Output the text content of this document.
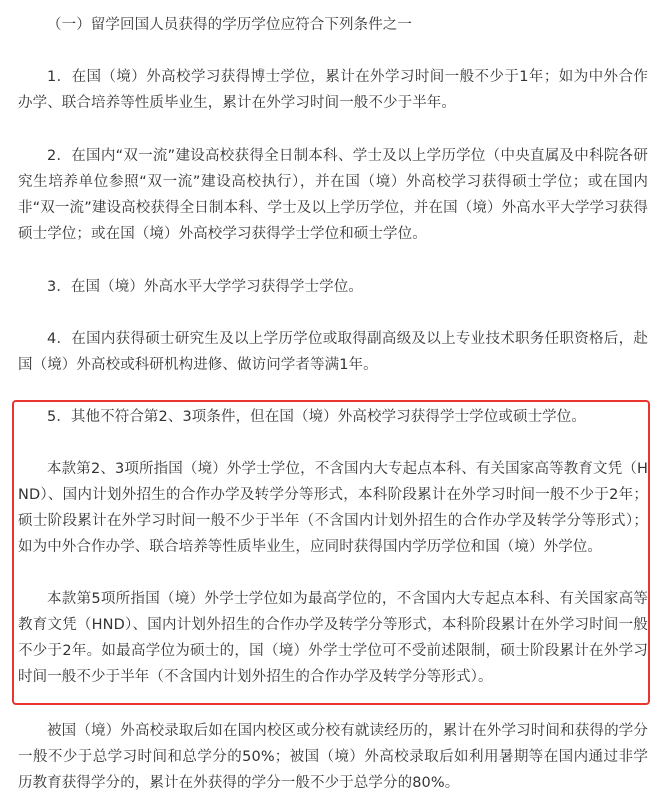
（一）留学回国人员获得的学历学位应符合下列条件之一

1．在国（境）外高校学习获得博士学位，累计在外学习时间一般不少于1年；如为中外合作办学、联合培养等性质毕业生，累计在外学习时间一般不少于半年。

2．在国内“双一流”建设高校获得全日制本科、学士及以上学历学位（中央直属及中科院各研究生培养单位参照“双一流”建设高校执行），并在国（境）外高校学习获得硕士学位；或在国内非“双一流”建设高校获得全日制本科、学士及以上学历学位，并在国（境）外高水平大学学习获得硕士学位；或在国（境）外高校学习获得学士学位和硕士学位。

3．在国（境）外高水平大学学习获得学士学位。

4．在国内获得硕士研究生及以上学历学位或取得副高级及以上专业技术职务任职资格后，赴国（境）外高校或科研机构进修、做访问学者等满1年。

5．其他不符合第2、3项条件，但在国（境）外高校学习获得学士学位或硕士学位。

本款第2、3项所指国（境）外学士学位，不含国内大专起点本科、有关国家高等教育文凭（HND）、国内计划外招生的合作办学及转学分等形式，本科阶段累计在外学习时间一般不少于2年；硕士阶段累计在外学习时间一般不少于半年（不含国内计划外招生的合作办学及转学分等形式）；如为中外合作办学、联合培养等性质毕业生，应同时获得国内学历学位和国（境）外学位。

本款第5项所指国（境）外学士学位如为最高学位的，不含国内大专起点本科、有关国家高等教育文凭（HND）、国内计划外招生的合作办学及转学分等形式，本科阶段累计在外学习时间一般不少于2年。如最高学位为硕士的，国（境）外学士学位可不受前述限制，硕士阶段累计在外学习时间一般不少于半年（不含国内计划外招生的合作办学及转学分等形式）。

被国（境）外高校录取后如在国内校区或分校有就读经历的，累计在外学习时间和获得的学分一般不少于总学习时间和总学分的50%；被国（境）外高校录取后如利用暑期等在国内通过非学历教育获得学分的，累计在外获得的学分一般不少于总学分的80%。
